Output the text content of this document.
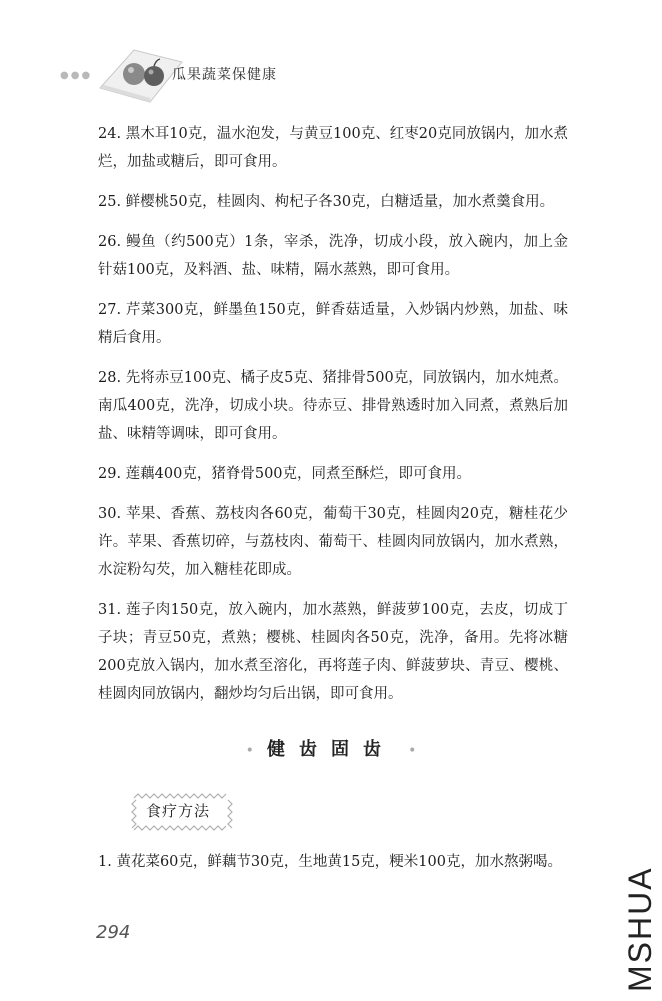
●●●	瓜果蔬菜保健康

24. 黑木耳10克，温水泡发，与黄豆100克、红枣20克同放锅内，加水煮烂，加盐或糖后，即可食用。

25. 鲜樱桃50克，桂圆肉、枸杞子各30克，白糖适量，加水煮羹食用。

26. 鳗鱼（约500克）1条，宰杀，洗净，切成小段，放入碗内，加上金针菇100克，及料酒、盐、味精，隔水蒸熟，即可食用。

27. 芹菜300克，鲜墨鱼150克，鲜香菇适量，入炒锅内炒熟，加盐、味精后食用。

28. 先将赤豆100克、橘子皮5克、猪排骨500克，同放锅内，加水炖煮。南瓜400克，洗净，切成小块。待赤豆、排骨熟透时加入同煮，煮熟后加盐、味精等调味，即可食用。

29. 莲藕400克，猪脊骨500克，同煮至酥烂，即可食用。

30. 苹果、香蕉、荔枝肉各60克，葡萄干30克，桂圆肉20克，糖桂花少许。苹果、香蕉切碎，与荔枝肉、葡萄干、桂圆肉同放锅内，加水煮熟，水淀粉勾芡，加入糖桂花即成。

31. 莲子肉150克，放入碗内，加水蒸熟，鲜菠萝100克，去皮，切成丁子块；青豆50克，煮熟；樱桃、桂圆肉各50克，洗净，备用。先将冰糖200克放入锅内，加水煮至溶化，再将莲子肉、鲜菠萝块、青豆、樱桃、桂圆肉同放锅内，翻炒均匀后出锅，即可食用。

• 健齿固齿 •
食疗方法

1. 黄花菜60克，鲜藕节30克，生地黄15克，粳米100克，加水熬粥喝。

294	MSHUA
